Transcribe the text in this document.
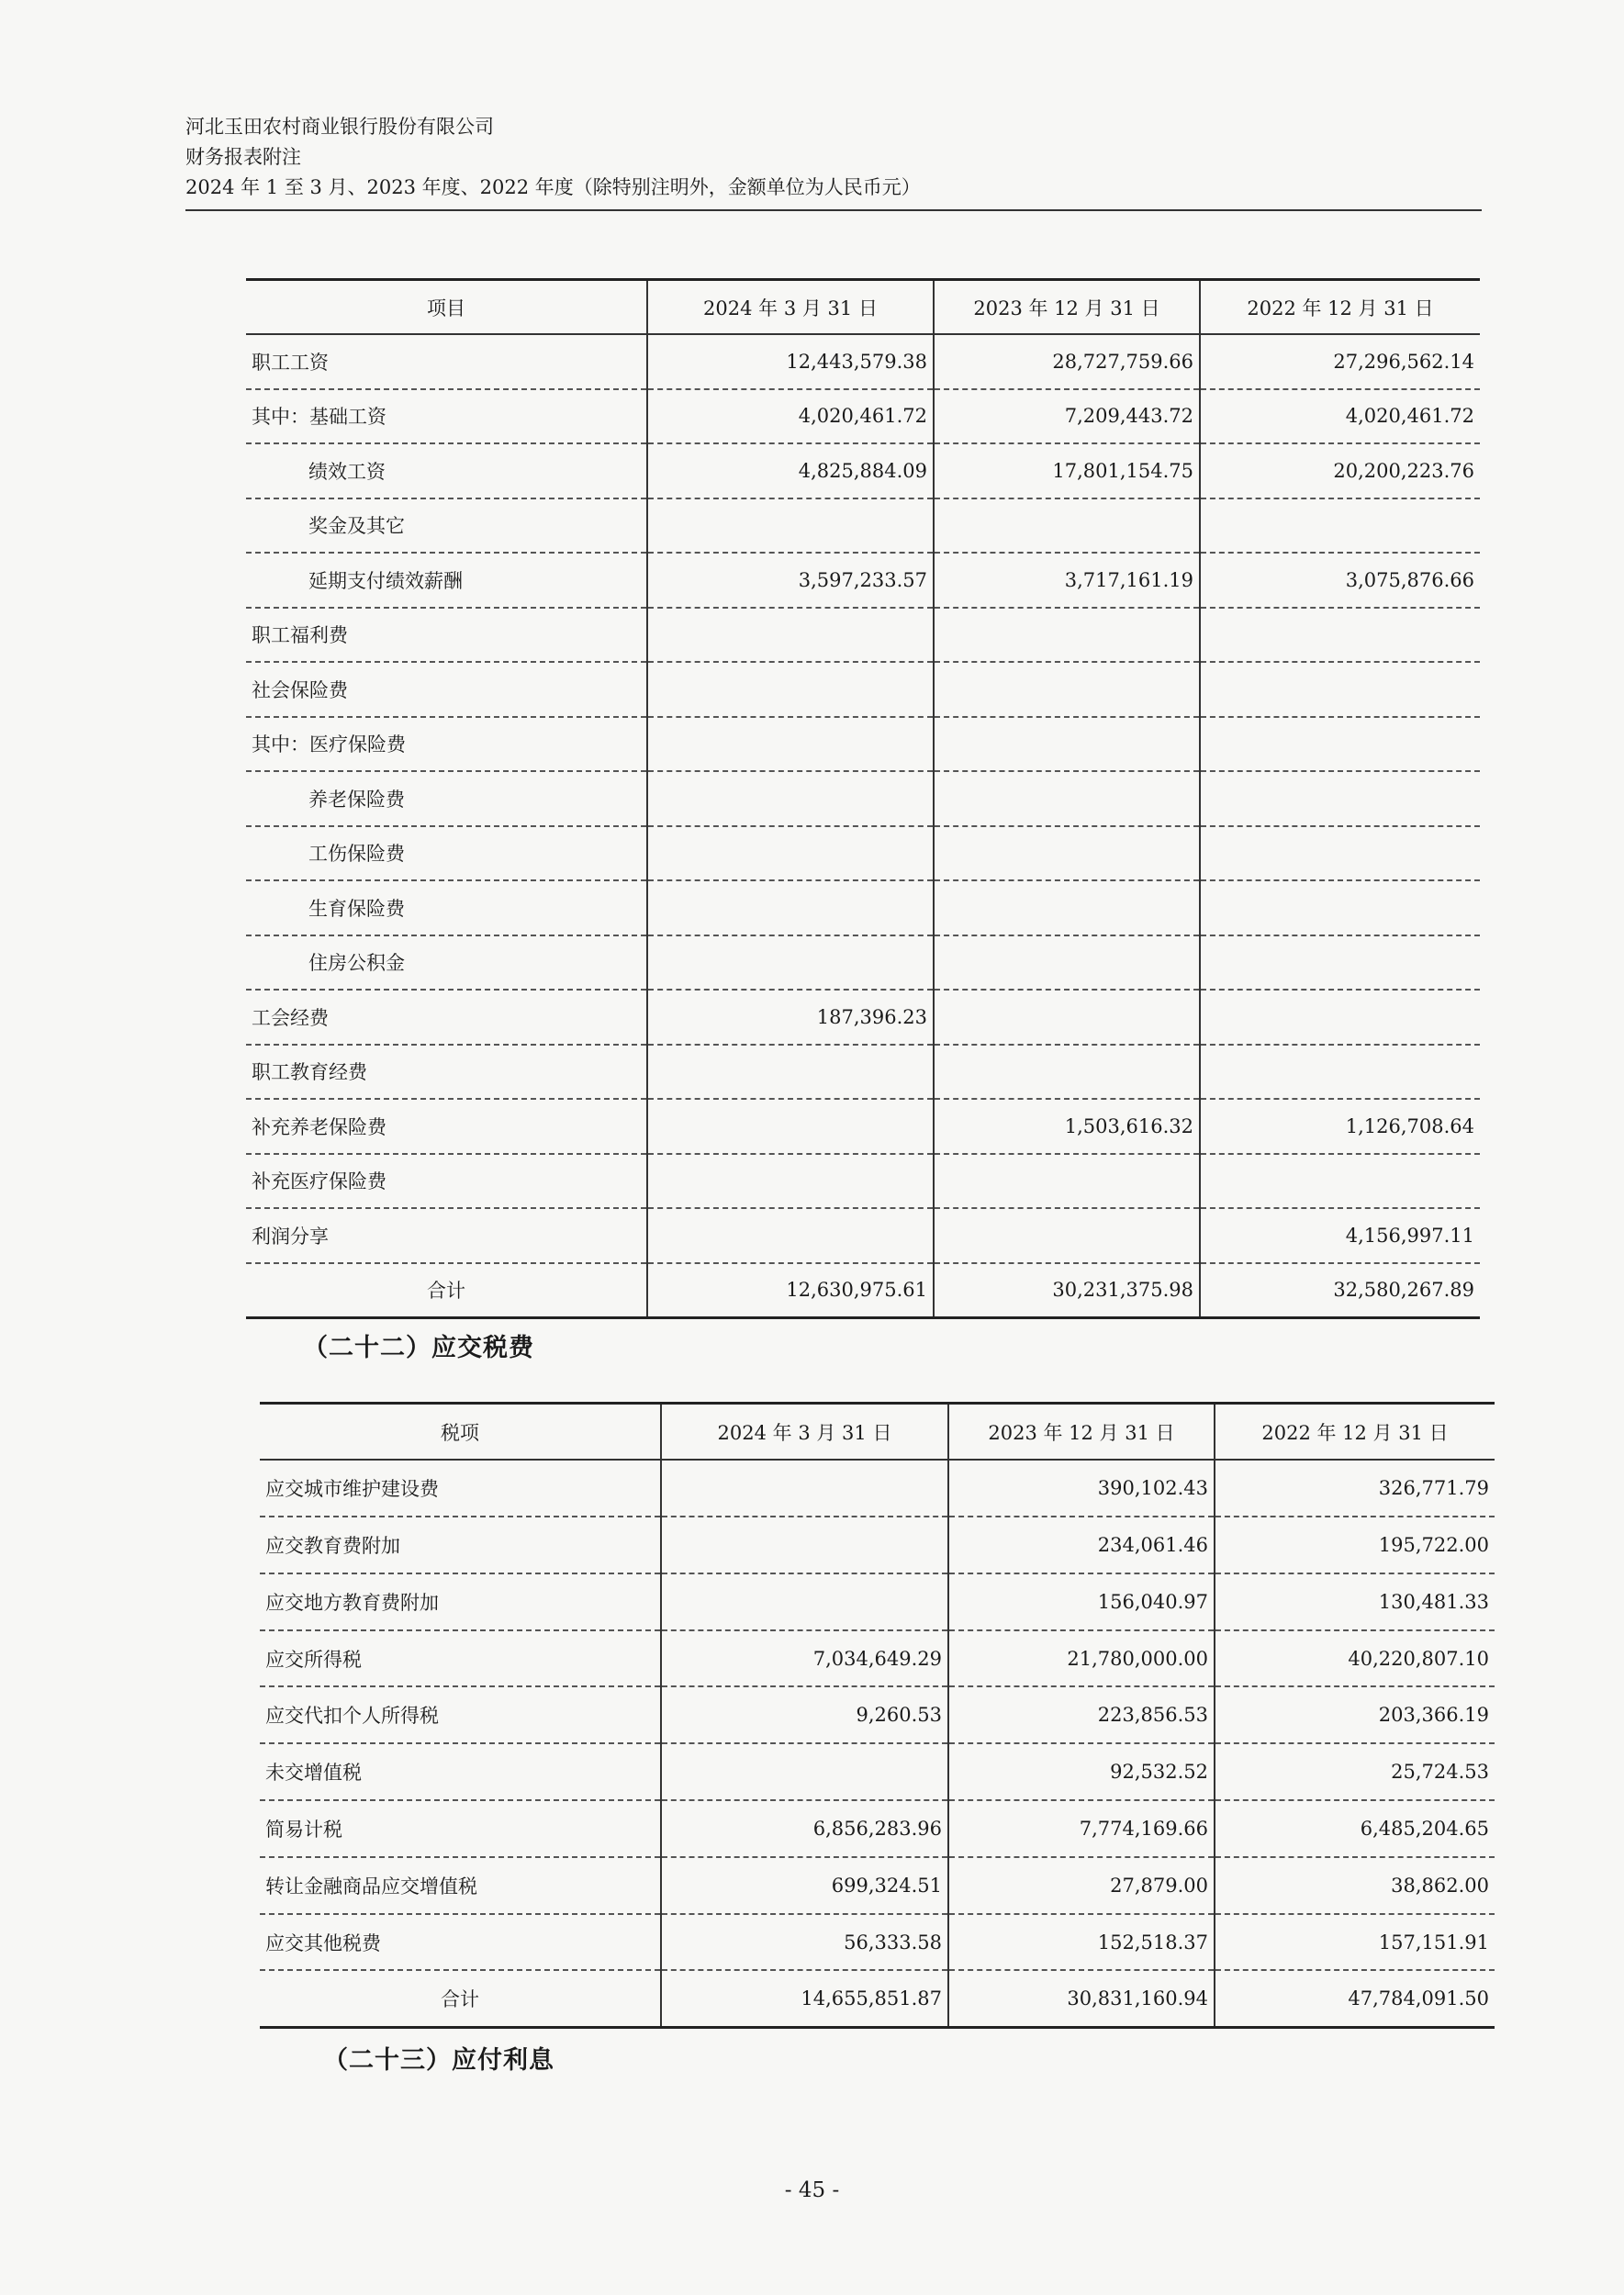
河北玉田农村商业银行股份有限公司
财务报表附注
2024 年 1 至 3 月、2023 年度、2022 年度（除特别注明外，金额单位为人民币元）
项目	2024 年 3 月 31 日	2023 年 12 月 31 日	2022 年 12 月 31 日
职工工资	12,443,579.38	28,727,759.66	27,296,562.14
其中：基础工资	4,020,461.72	7,209,443.72	4,020,461.72
绩效工资	4,825,884.09	17,801,154.75	20,200,223.76
奖金及其它			
延期支付绩效薪酬	3,597,233.57	3,717,161.19	3,075,876.66
职工福利费			
社会保险费			
其中：医疗保险费			
养老保险费			
工伤保险费			
生育保险费			
住房公积金			
工会经费	187,396.23		
职工教育经费			
补充养老保险费		1,503,616.32	1,126,708.64
补充医疗保险费			
利润分享			4,156,997.11
合计	12,630,975.61	30,231,375.98	32,580,267.89
（二十二）应交税费
税项	2024 年 3 月 31 日	2023 年 12 月 31 日	2022 年 12 月 31 日
应交城市维护建设费		390,102.43	326,771.79
应交教育费附加		234,061.46	195,722.00
应交地方教育费附加		156,040.97	130,481.33
应交所得税	7,034,649.29	21,780,000.00	40,220,807.10
应交代扣个人所得税	9,260.53	223,856.53	203,366.19
未交增值税		92,532.52	25,724.53
简易计税	6,856,283.96	7,774,169.66	6,485,204.65
转让金融商品应交增值税	699,324.51	27,879.00	38,862.00
应交其他税费	56,333.58	152,518.37	157,151.91
合计	14,655,851.87	30,831,160.94	47,784,091.50
（二十三）应付利息
- 45 -
